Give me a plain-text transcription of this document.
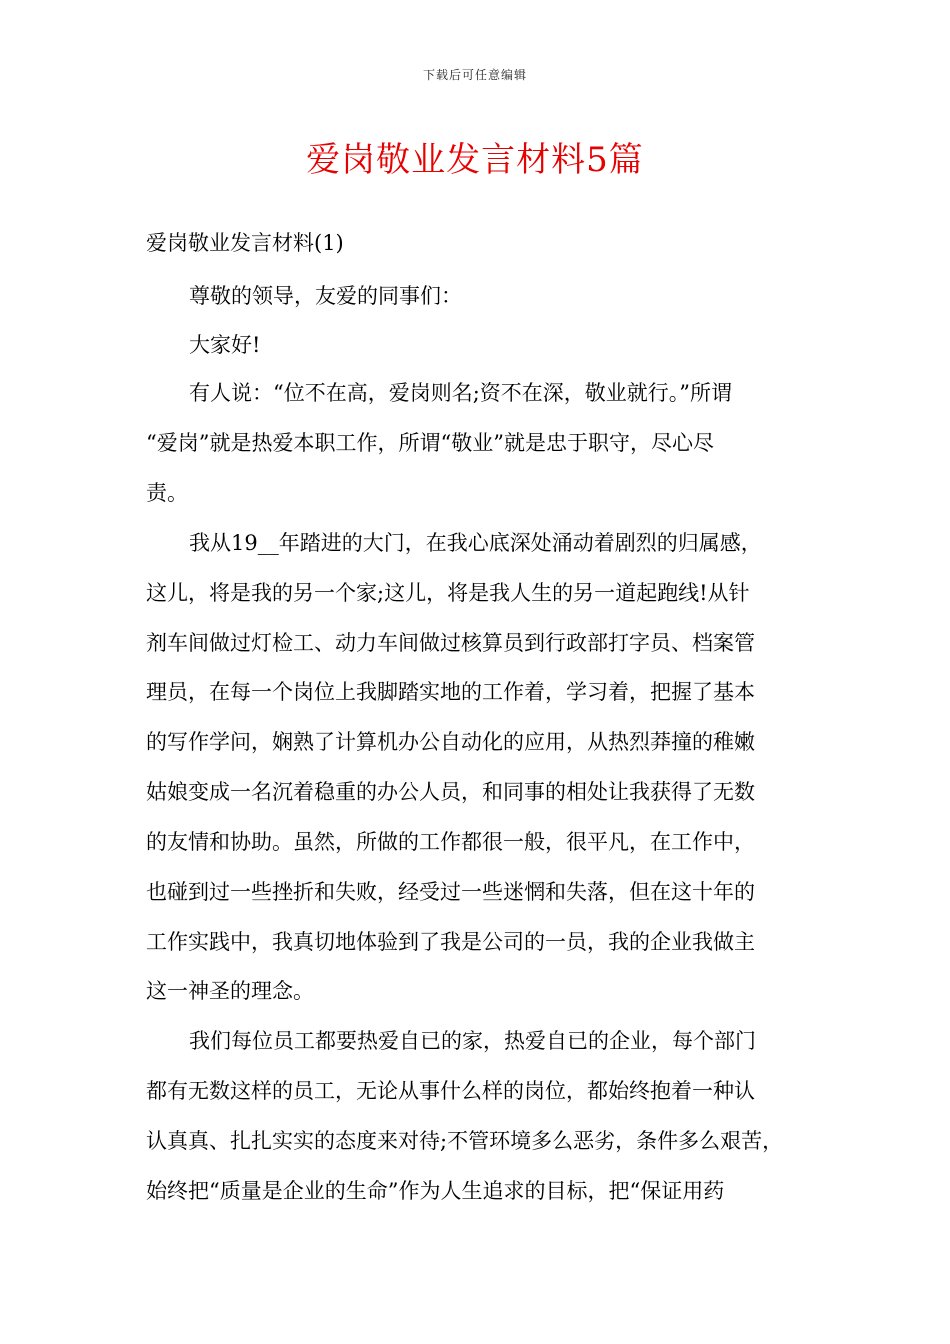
下载后可任意编辑
爱岗敬业发言材料5篇
爱岗敬业发言材料(1)
尊敬的领导，友爱的同事们：
大家好!
有人说：“位不在高，爱岗则名;资不在深，敬业就行。”所谓
“爱岗”就是热爱本职工作，所谓“敬业”就是忠于职守，尽心尽
责。
我从19__年踏进的大门，在我心底深处涌动着剧烈的归属感，
这儿，将是我的另一个家;这儿，将是我人生的另一道起跑线!从针
剂车间做过灯检工、动力车间做过核算员到行政部打字员、档案管
理员，在每一个岗位上我脚踏实地的工作着，学习着，把握了基本
的写作学问，娴熟了计算机办公自动化的应用，从热烈莽撞的稚嫩
姑娘变成一名沉着稳重的办公人员，和同事的相处让我获得了无数
的友情和协助。虽然，所做的工作都很一般，很平凡，在工作中，
也碰到过一些挫折和失败，经受过一些迷惘和失落，但在这十年的
工作实践中，我真切地体验到了我是公司的一员，我的企业我做主
这一神圣的理念。
我们每位员工都要热爱自已的家，热爱自已的企业，每个部门
都有无数这样的员工，无论从事什么样的岗位，都始终抱着一种认
认真真、扎扎实实的态度来对待;不管环境多么恶劣，条件多么艰苦，
始终把“质量是企业的生命”作为人生追求的目标，把“保证用药
